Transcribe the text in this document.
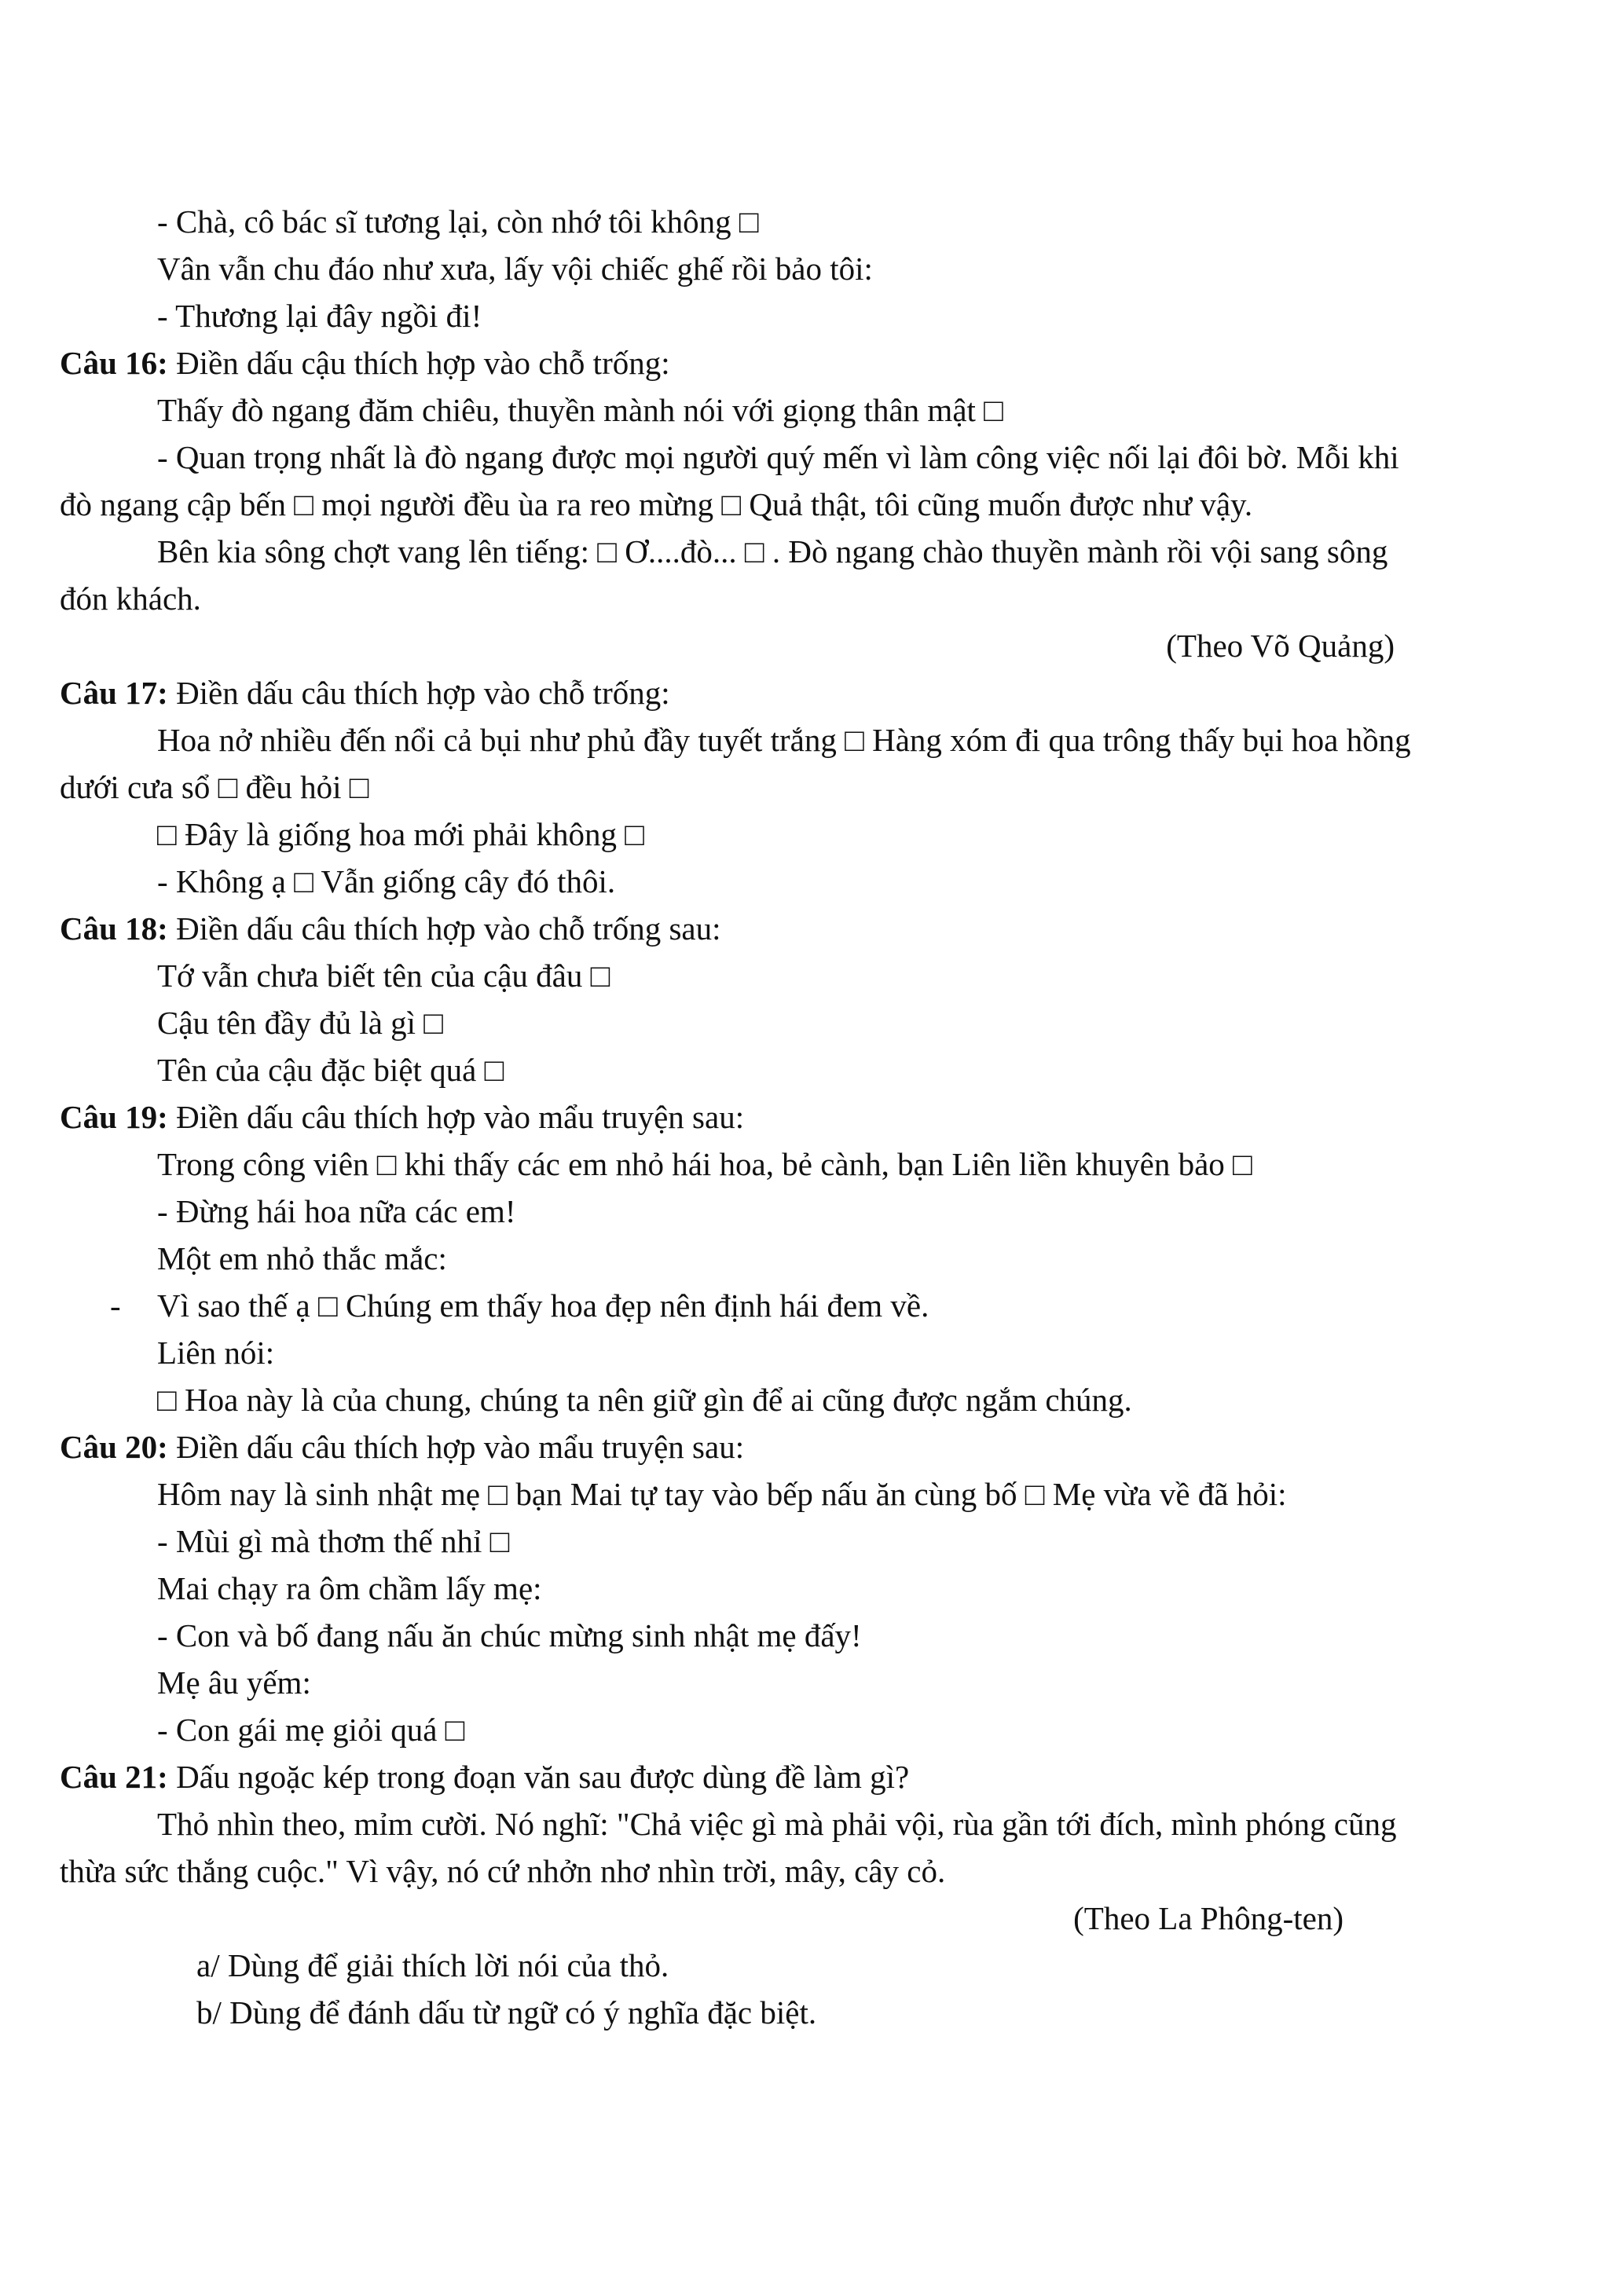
- Chà, cô bác sĩ tương lại, còn nhớ tôi không □
Vân vẫn chu đáo như xưa, lấy vội chiếc ghế rồi bảo tôi:
- Thương lại đây ngồi đi!
Câu 16: Điền dấu cậu thích hợp vào chỗ trống:
Thấy đò ngang đăm chiêu, thuyền mành nói với giọng thân mật □
- Quan trọng nhất là đò ngang được mọi người quý mến vì làm công việc nối lại đôi bờ. Mỗi khi
đò ngang cập bến □ mọi người đều ùa ra reo mừng □ Quả thật, tôi cũng muốn được như vậy.
Bên kia sông chợt vang lên tiếng: □ Ơ....đò... □ . Đò ngang chào thuyền mành rồi vội sang sông
đón khách.
(Theo Võ Quảng)
Câu 17: Điền dấu câu thích hợp vào chỗ trống:
Hoa nở nhiều đến nổi cả bụi như phủ đầy tuyết trắng □ Hàng xóm đi qua trông thấy bụi hoa hồng
dưới cưa sổ □ đều hỏi □
□ Đây là giống hoa mới phải không □
- Không ạ □ Vẫn giống cây đó thôi.
Câu 18: Điền dấu câu thích hợp vào chỗ trống sau:
Tớ vẫn chưa biết tên của cậu đâu □
Cậu tên đầy đủ là gì □
Tên của cậu đặc biệt quá □
Câu 19: Điền dấu câu thích hợp vào mẩu truyện sau:
Trong công viên □ khi thấy các em nhỏ hái hoa, bẻ cành, bạn Liên liền khuyên bảo □
- Đừng hái hoa nữa các em!
Một em nhỏ thắc mắc:
- Vì sao thế ạ □ Chúng em thấy hoa đẹp nên định hái đem về.
Liên nói:
□ Hoa này là của chung, chúng ta nên giữ gìn để ai cũng được ngắm chúng.
Câu 20: Điền dấu câu thích hợp vào mẩu truyện sau:
Hôm nay là sinh nhật mẹ □ bạn Mai tự tay vào bếp nấu ăn cùng bố □ Mẹ vừa về đã hỏi:
- Mùi gì mà thơm thế nhỉ □
Mai chạy ra ôm chầm lấy mẹ:
- Con và bố đang nấu ăn chúc mừng sinh nhật mẹ đấy!
Mẹ âu yếm:
- Con gái mẹ giỏi quá □
Câu 21: Dấu ngoặc kép trong đoạn văn sau được dùng đề làm gì?
Thỏ nhìn theo, mỉm cười. Nó nghĩ: "Chả việc gì mà phải vội, rùa gần tới đích, mình phóng cũng
thừa sức thắng cuộc." Vì vậy, nó cứ nhởn nhơ nhìn trời, mây, cây cỏ.
(Theo La Phông-ten)
a/ Dùng để giải thích lời nói của thỏ.
b/ Dùng để đánh dấu từ ngữ có ý nghĩa đặc biệt.
